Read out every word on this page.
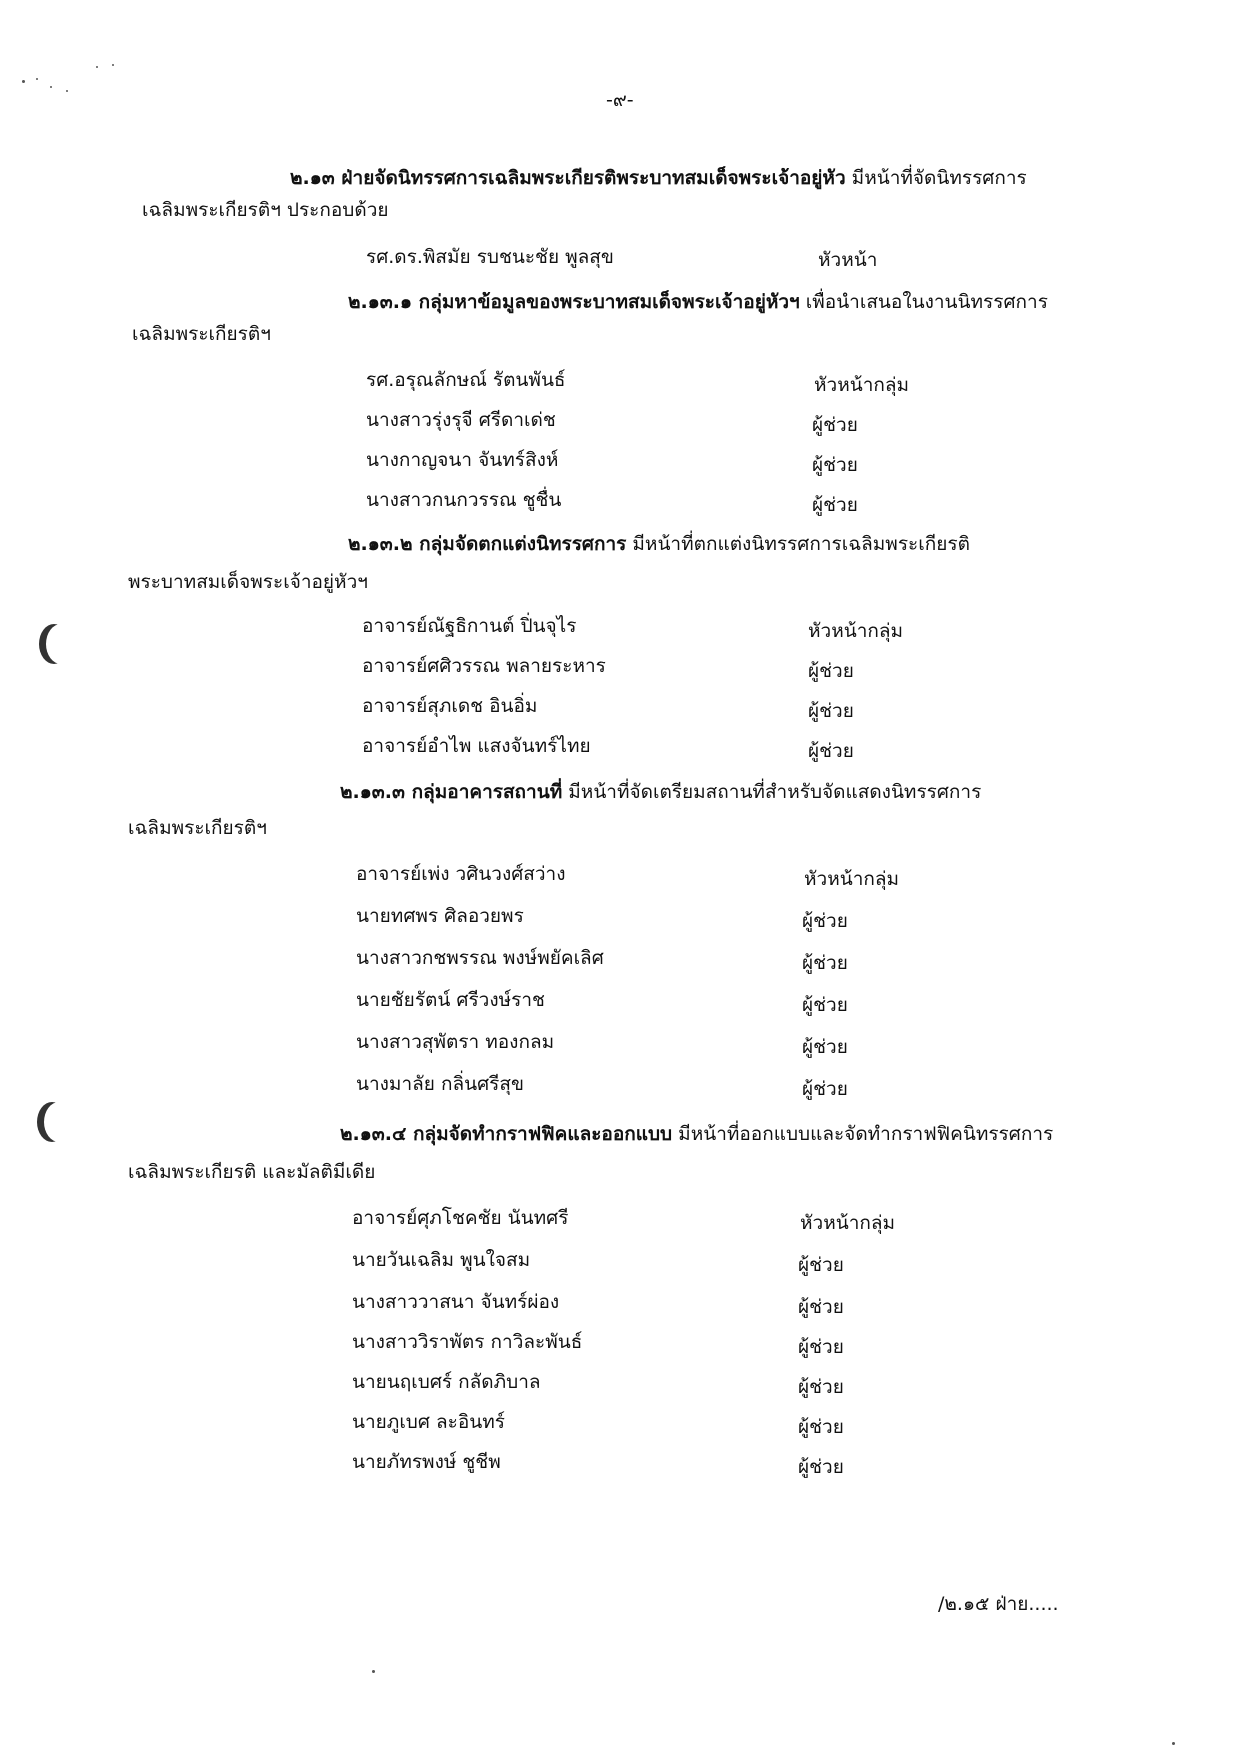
-๙-
๒.๑๓ ฝ่ายจัดนิทรรศการเฉลิมพระเกียรติพระบาทสมเด็จพระเจ้าอยู่หัว มีหน้าที่จัดนิทรรศการ
เฉลิมพระเกียรติฯ ประกอบด้วย
รศ.ดร.พิสมัย รบชนะชัย พูลสุข	หัวหน้า
๒.๑๓.๑ กลุ่มหาข้อมูลของพระบาทสมเด็จพระเจ้าอยู่หัวฯ เพื่อนำเสนอในงานนิทรรศการ
เฉลิมพระเกียรติฯ
รศ.อรุณลักษณ์ รัตนพันธ์	หัวหน้ากลุ่ม
นางสาวรุ่งรุจี ศรีดาเด่ช	ผู้ช่วย
นางกาญจนา จันทร์สิงห์	ผู้ช่วย
นางสาวกนกวรรณ ชูชื่น	ผู้ช่วย
๒.๑๓.๒ กลุ่มจัดตกแต่งนิทรรศการ มีหน้าที่ตกแต่งนิทรรศการเฉลิมพระเกียรติ
พระบาทสมเด็จพระเจ้าอยู่หัวฯ
อาจารย์ณัฐธิกานต์ ปิ่นจุไร	หัวหน้ากลุ่ม
อาจารย์ศศิวรรณ พลายระหาร	ผู้ช่วย
อาจารย์สุภเดช อินอิ่ม	ผู้ช่วย
อาจารย์อำไพ แสงจันทร์ไทย	ผู้ช่วย
๒.๑๓.๓ กลุ่มอาคารสถานที่ มีหน้าที่จัดเตรียมสถานที่สำหรับจัดแสดงนิทรรศการ
เฉลิมพระเกียรติฯ
อาจารย์เพ่ง วศินวงศ์สว่าง	หัวหน้ากลุ่ม
นายทศพร ศิลอวยพร	ผู้ช่วย
นางสาวกชพรรณ พงษ์พยัคเลิศ	ผู้ช่วย
นายชัยรัตน์ ศรีวงษ์ราช	ผู้ช่วย
นางสาวสุพัตรา ทองกลม	ผู้ช่วย
นางมาลัย กลิ่นศรีสุข	ผู้ช่วย
๒.๑๓.๔ กลุ่มจัดทำกราฟฟิคและออกแบบ มีหน้าที่ออกแบบและจัดทำกราฟฟิคนิทรรศการ
เฉลิมพระเกียรติ และมัลติมีเดีย
อาจารย์ศุภโชคชัย นันทศรี	หัวหน้ากลุ่ม
นายวันเฉลิม พูนใจสม	ผู้ช่วย
นางสาววาสนา จันทร์ผ่อง	ผู้ช่วย
นางสาววิราพัตร กาวิละพันธ์	ผู้ช่วย
นายนฤเบศร์ กลัดภิบาล	ผู้ช่วย
นายภูเบศ ละอินทร์	ผู้ช่วย
นายภัทรพงษ์ ชูชีพ	ผู้ช่วย
/๒.๑๕ ฝ่าย.....
